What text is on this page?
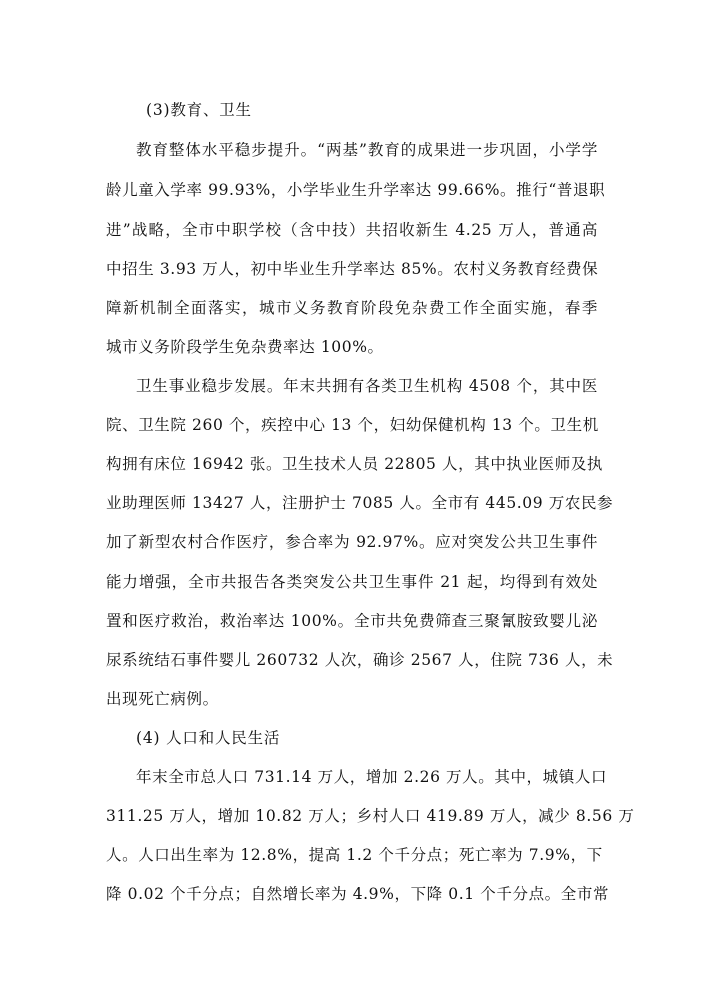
(3)教育、卫生
教育整体水平稳步提升。“两基”教育的成果进一步巩固，小学学
龄儿童入学率 99.93%，小学毕业生升学率达 99.66%。推行“普退职
进”战略，全市中职学校（含中技）共招收新生 4.25 万人，普通高
中招生 3.93 万人，初中毕业生升学率达 85%。农村义务教育经费保
障新机制全面落实，城市义务教育阶段免杂费工作全面实施，春季
城市义务阶段学生免杂费率达 100%。
卫生事业稳步发展。年末共拥有各类卫生机构 4508 个，其中医
院、卫生院 260 个，疾控中心 13 个，妇幼保健机构 13 个。卫生机
构拥有床位 16942 张。卫生技术人员 22805 人，其中执业医师及执
业助理医师 13427 人，注册护士 7085 人。全市有 445.09 万农民参
加了新型农村合作医疗，参合率为 92.97%。应对突发公共卫生事件
能力增强，全市共报告各类突发公共卫生事件 21 起，均得到有效处
置和医疗救治，救治率达 100%。全市共免费筛查三聚氰胺致婴儿泌
尿系统结石事件婴儿 260732 人次，确诊 2567 人，住院 736 人，未
出现死亡病例。
(4) 人口和人民生活
年末全市总人口 731.14 万人，增加 2.26 万人。其中，城镇人口
311.25 万人，增加 10.82 万人；乡村人口 419.89 万人，减少 8.56 万
人。人口出生率为 12.8%，提高 1.2 个千分点；死亡率为 7.9%，下
降 0.02 个千分点；自然增长率为 4.9%，下降 0.1 个千分点。全市常
